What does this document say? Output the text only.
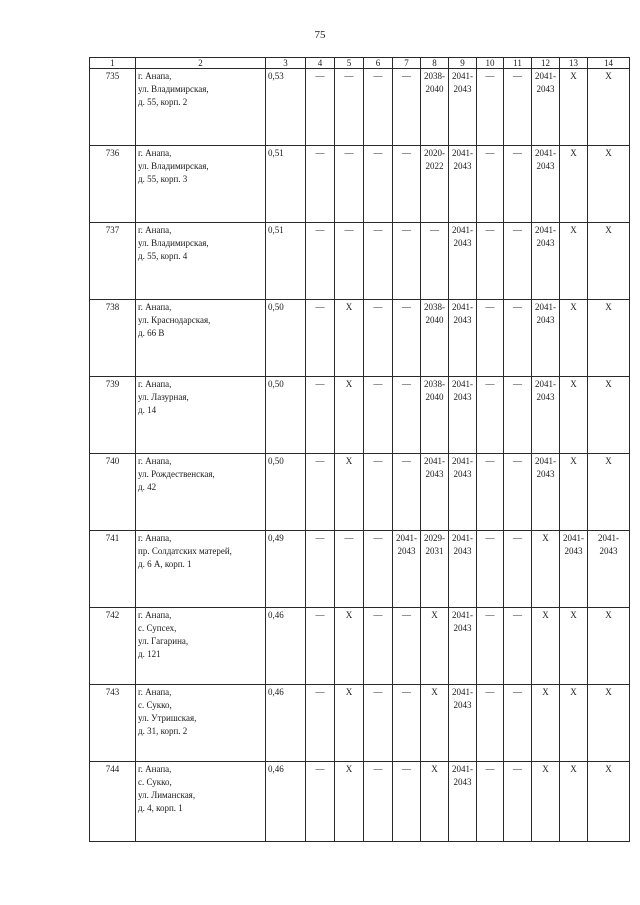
75
1	2	3	4	5	6	7	8	9	10	11	12	13	14
735	г. Анапа,
ул. Владимирская,
д. 55, корп. 2	0,53	—	—	—	—	2038-
2040	2041-
2043	—	—	2041-
2043	Х	Х
736	г. Анапа,
ул. Владимирская,
д. 55, корп. 3	0,51	—	—	—	—	2020-
2022	2041-
2043	—	—	2041-
2043	Х	Х
737	г. Анапа,
ул. Владимирская,
д. 55, корп. 4	0,51	—	—	—	—	—	2041-
2043	—	—	2041-
2043	Х	Х
738	г. Анапа,
ул. Краснодарская,
д. 66 В	0,50	—	Х	—	—	2038-
2040	2041-
2043	—	—	2041-
2043	Х	Х
739	г. Анапа,
ул. Лазурная,
д. 14	0,50	—	Х	—	—	2038-
2040	2041-
2043	—	—	2041-
2043	Х	Х
740	г. Анапа,
ул. Рождественская,
д. 42	0,50	—	Х	—	—	2041-
2043	2041-
2043	—	—	2041-
2043	Х	Х
741	г. Анапа,
пр. Солдатских матерей,
д. 6 А, корп. 1	0,49	—	—	—	2041-
2043	2029-
2031	2041-
2043	—	—	Х	2041-
2043	2041-
2043
742	г. Анапа,
с. Супсех,
ул. Гагарина,
д. 121	0,46	—	Х	—	—	Х	2041-
2043	—	—	Х	Х	Х
743	г. Анапа,
с. Сукко,
ул. Утришская,
д. 31, корп. 2	0,46	—	Х	—	—	Х	2041-
2043	—	—	Х	Х	Х
744	г. Анапа,
с. Сукко,
ул. Лиманская,
д. 4, корп. 1	0,46	—	Х	—	—	Х	2041-
2043	—	—	Х	Х	Х
